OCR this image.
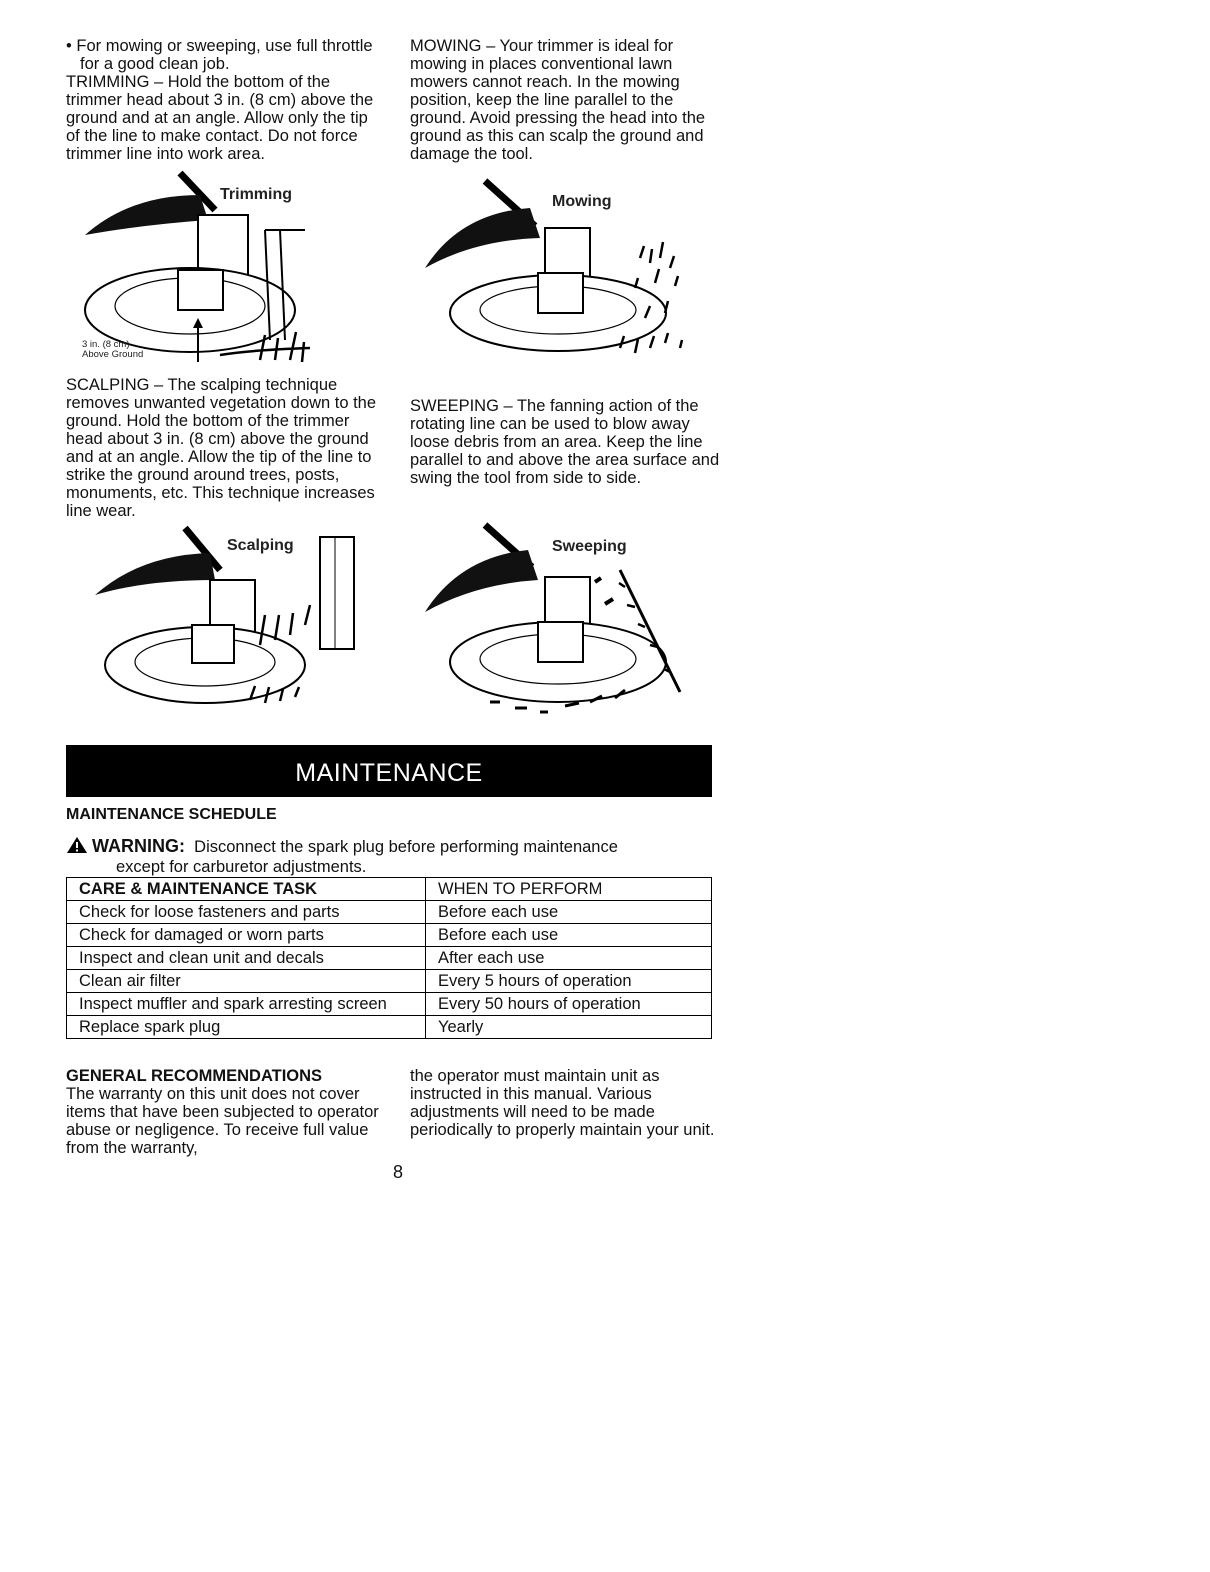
• For mowing or sweeping, use full throttle for a good clean job.

TRIMMING – Hold the bottom of the trimmer head about 3 in. (8 cm) above the ground and at an angle. Allow only the tip of the line to make contact. Do not force trimmer line into work area.

MOWING – Your trimmer is ideal for mowing in places conventional lawn mowers cannot reach. In the mowing position, keep the line parallel to the ground. Avoid pressing the head into the ground as this can scalp the ground and damage the tool.

Trimming
3 in. (8 cm)
Above Ground
Mowing

SCALPING – The scalping technique removes unwanted vegetation down to the ground. Hold the bottom of the trimmer head about 3 in. (8 cm) above the ground and at an angle. Allow the tip of the line to strike the ground around trees, posts, monuments, etc. This technique increases line wear.

SWEEPING – The fanning action of the rotating line can be used to blow away loose debris from an area. Keep the line parallel to and above the area surface and swing the tool from side to side.

Scalping	Sweeping
MAINTENANCE
MAINTENANCE SCHEDULE
WARNING: Disconnect the spark plug before performing maintenance
except for carburetor adjustments.
CARE & MAINTENANCE TASK	WHEN TO PERFORM
Check for loose fasteners and parts	Before each use
Check for damaged or worn parts	Before each use
Inspect and clean unit and decals	After each use
Clean air filter	Every 5 hours of operation
Inspect muffler and spark arresting screen	Every 50 hours of operation
Replace spark plug	Yearly

GENERAL RECOMMENDATIONS

The warranty on this unit does not cover items that have been subjected to operator abuse or negligence. To receive full value from the warranty,

the operator must maintain unit as instructed in this manual. Various adjustments will need to be made periodically to properly maintain your unit.

8
